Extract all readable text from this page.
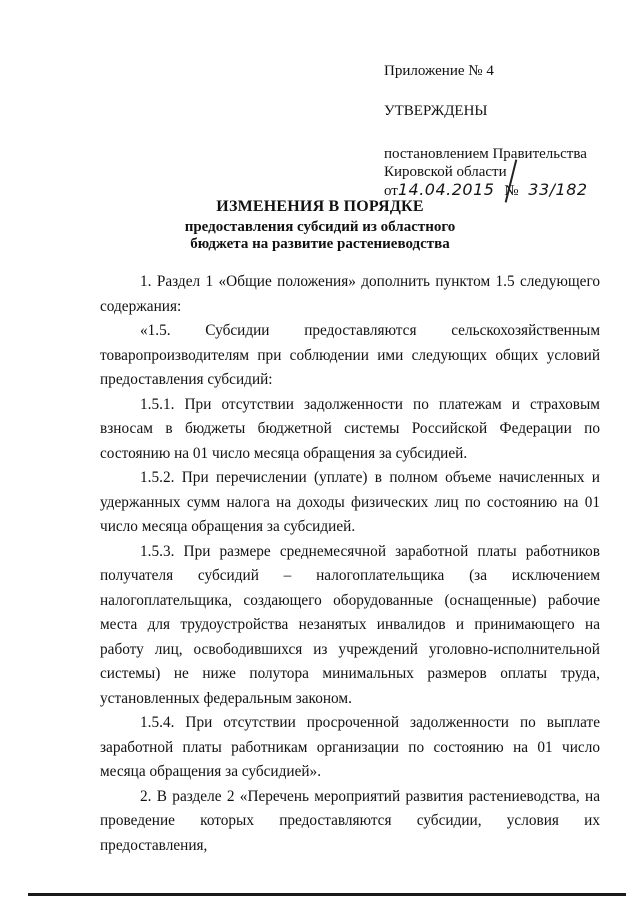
Приложение № 4
УТВЕРЖДЕНЫ
постановлением Правительства
Кировской области
от14.04.2015 № 33/182
ИЗМЕНЕНИЯ В ПОРЯДКЕ
предоставления субсидий из областного
бюджета на развитие растениеводства

1. Раздел 1 «Общие положения» дополнить пунктом 1.5 следующего содержания:

«1.5. Субсидии предоставляются сельскохозяйственным товаропроизводителям при соблюдении ими следующих общих условий предоставления субсидий:

1.5.1. При отсутствии задолженности по платежам и страховым взносам в бюджеты бюджетной системы Российской Федерации по состоянию на 01 число месяца обращения за субсидией.

1.5.2. При перечислении (уплате) в полном объеме начисленных и удержанных сумм налога на доходы физических лиц по состоянию на 01 число месяца обращения за субсидией.

1.5.3. При размере среднемесячной заработной платы работников получателя субсидий – налогоплательщика (за исключением налогоплательщика, создающего оборудованные (оснащенные) рабочие места для трудоустройства незанятых инвалидов и принимающего на работу лиц, освободившихся из учреждений уголовно-исполнительной системы) не ниже полутора минимальных размеров оплаты труда, установленных федеральным законом.

1.5.4. При отсутствии просроченной задолженности по выплате заработной платы работникам организации по состоянию на 01 число месяца обращения за субсидией».

2. В разделе 2 «Перечень мероприятий развития растениеводства, на проведение которых предоставляются субсидии, условия их предоставления,
